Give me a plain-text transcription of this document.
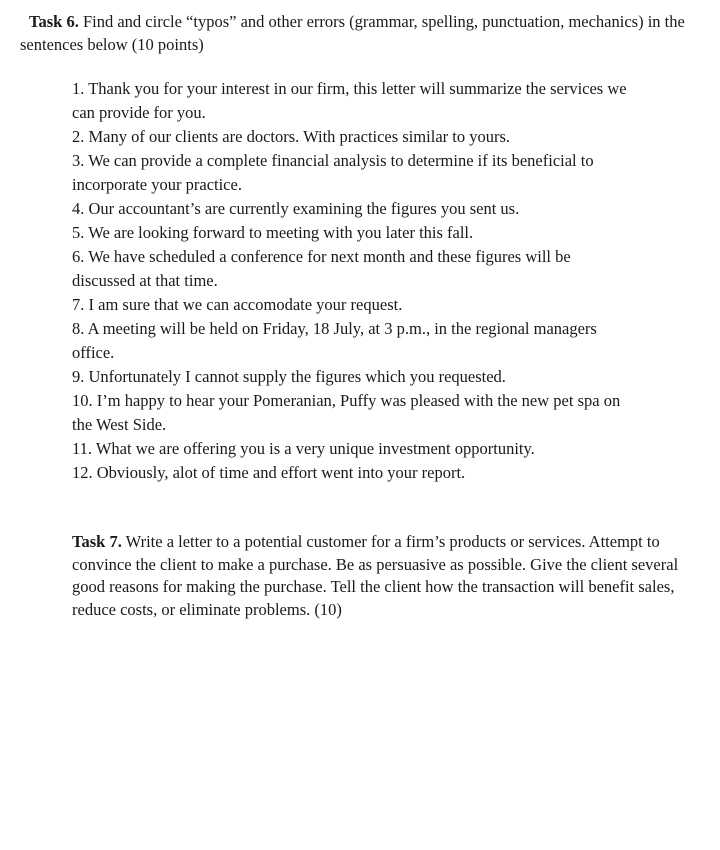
Task 6. Find and circle “typos” and other errors (grammar, spelling, punctuation, mechanics) in the sentences below (10 points)

1. Thank you for your interest in our firm, this letter will summarize the services we can provide for you.
2. Many of our clients are doctors. With practices similar to yours.
3. We can provide a complete financial analysis to determine if its beneficial to incorporate your practice.
4. Our accountant’s are currently examining the figures you sent us.
5. We are looking forward to meeting with you later this fall.
6. We have scheduled a conference for next month and these figures will be discussed at that time.
7. I am sure that we can accomodate your request.
8. A meeting will be held on Friday, 18 July, at 3 p.m., in the regional managers office.
9. Unfortunately I cannot supply the figures which you requested.
10. I’m happy to hear your Pomeranian, Puffy was pleased with the new pet spa on the West Side.
11. What we are offering you is a very unique investment opportunity.
12. Obviously, alot of time and effort went into your report.

Task 7. Write a letter to a potential customer for a firm’s products or services. Attempt to convince the client to make a purchase. Be as persuasive as possible. Give the client several good reasons for making the purchase. Tell the client how the transaction will benefit sales, reduce costs, or eliminate problems. (10)
